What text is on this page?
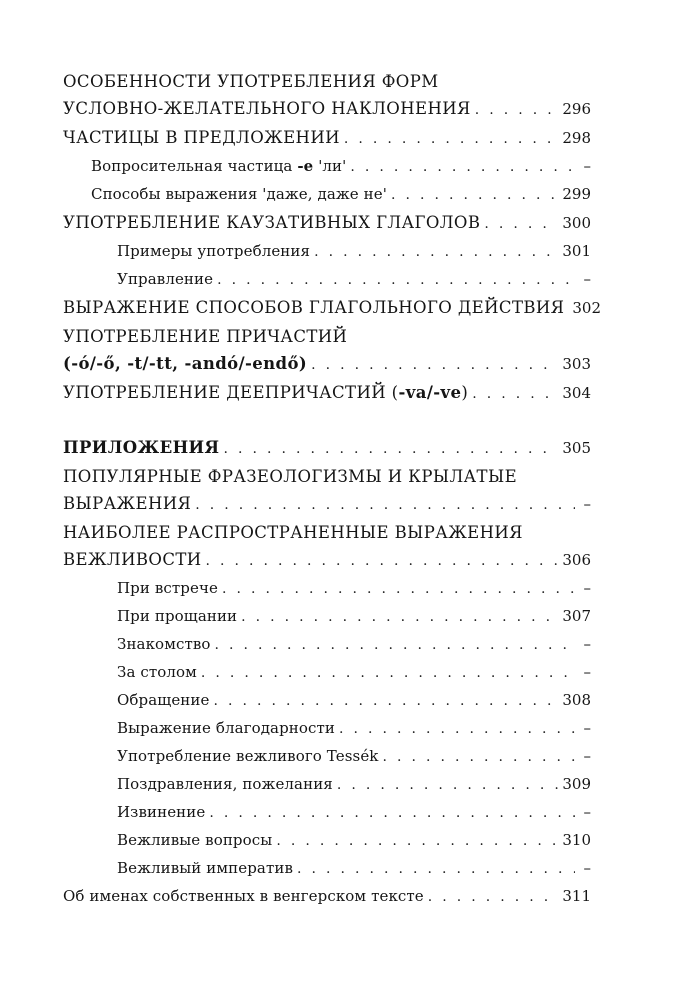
ОСОБЕННОСТИ УПОТРЕБЛЕНИЯ ФОРМ
УСЛОВНО-ЖЕЛАТЕЛЬНОГО НАКЛОНЕНИЯ . . .	296
ЧАСТИЦЫ В ПРЕДЛОЖЕНИИ . . .	298
Вопросительная частица -e 'ли' . . .	–
Способы выражения 'даже, даже не' . . .	299
УПОТРЕБЛЕНИЕ КАУЗАТИВНЫХ ГЛАГОЛОВ . . .	300
Примеры употребления . . .	301
Управление . . .	–
ВЫРАЖЕНИЕ СПОСОБОВ ГЛАГОЛЬНОГО ДЕЙСТВИЯ 302
УПОТРЕБЛЕНИЕ ПРИЧАСТИЙ
(-ó/-ő, -t/-tt, -andó/-endő) . . .	303
УПОТРЕБЛЕНИЕ ДЕЕПРИЧАСТИЙ (-va/-ve) . . .	304
ПРИЛОЖЕНИЯ . . .	305
ПОПУЛЯРНЫЕ ФРАЗЕОЛОГИЗМЫ И КРЫЛАТЫЕ
ВЫРАЖЕНИЯ . . .	–
НАИБОЛЕЕ РАСПРОСТРАНЕННЫЕ ВЫРАЖЕНИЯ
ВЕЖЛИВОСТИ . . .	306
При встрече . . .	–
При прощании . . .	307
Знакомство . . .	–
За столом . . .	–
Обращение . . .	308
Выражение благодарности . . .	–
Употребление вежливого Tessék . . .	–
Поздравления, пожелания . . .	309
Извинение . . .	–
Вежливые вопросы . . .	310
Вежливый императив . . .	–
Об именах собственных в венгерском тексте . . .	311
